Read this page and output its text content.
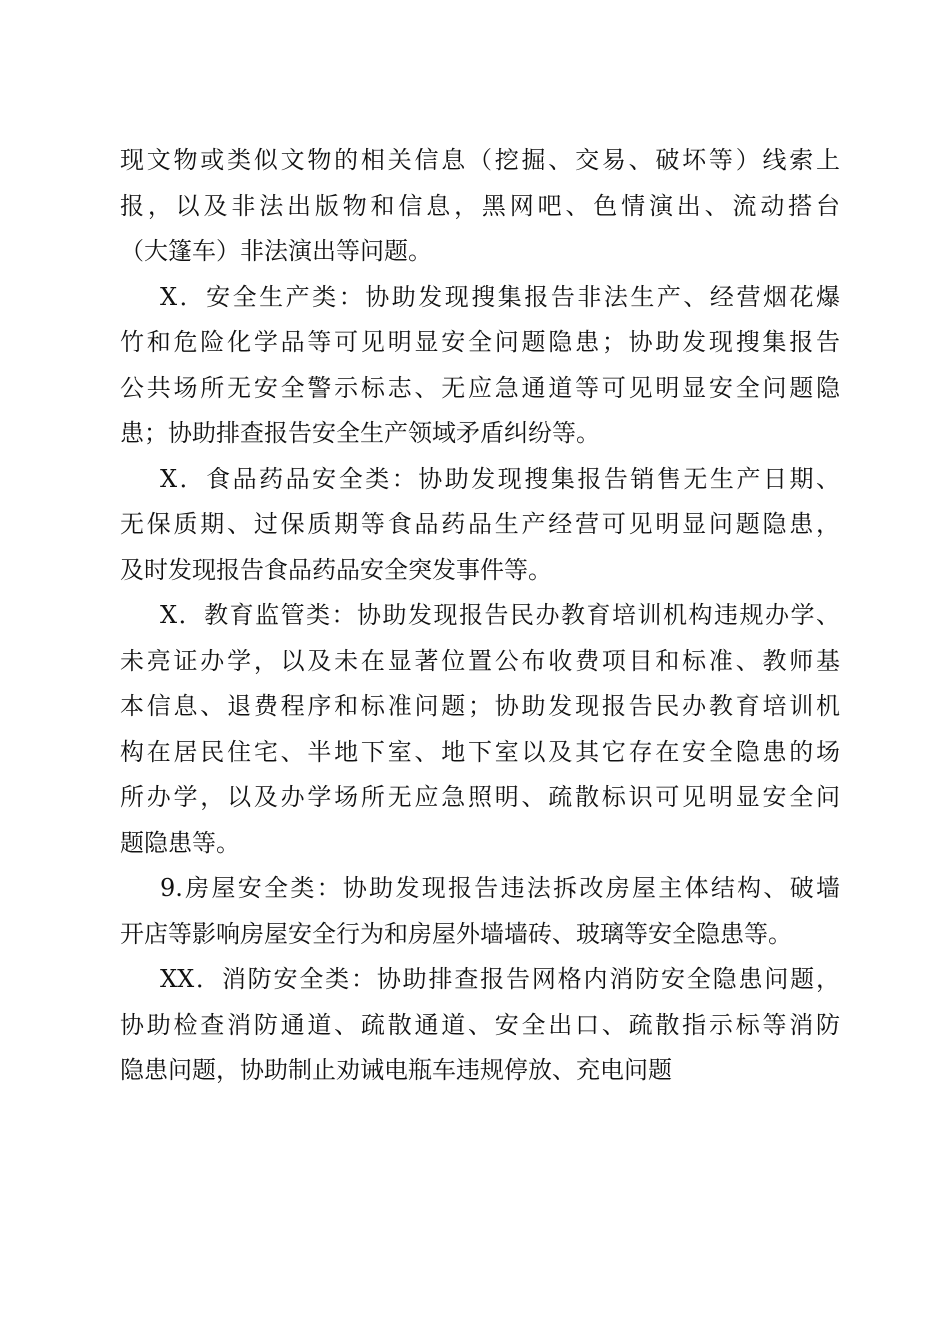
现文物或类似文物的相关信息（挖掘、交易、破坏等）线索上
报，以及非法出版物和信息，黑网吧、色情演出、流动搭台
（大篷车）非法演出等问题。
X．安全生产类：协助发现搜集报告非法生产、经营烟花爆
竹和危险化学品等可见明显安全问题隐患；协助发现搜集报告
公共场所无安全警示标志、无应急通道等可见明显安全问题隐
患；协助排查报告安全生产领域矛盾纠纷等。
X．食品药品安全类：协助发现搜集报告销售无生产日期、
无保质期、过保质期等食品药品生产经营可见明显问题隐患，
及时发现报告食品药品安全突发事件等。
X．教育监管类：协助发现报告民办教育培训机构违规办学、
未亮证办学，以及未在显著位置公布收费项目和标准、教师基
本信息、退费程序和标准问题；协助发现报告民办教育培训机
构在居民住宅、半地下室、地下室以及其它存在安全隐患的场
所办学，以及办学场所无应急照明、疏散标识可见明显安全问
题隐患等。
9.房屋安全类：协助发现报告违法拆改房屋主体结构、破墙
开店等影响房屋安全行为和房屋外墙墙砖、玻璃等安全隐患等。
XX．消防安全类：协助排查报告网格内消防安全隐患问题，
协助检查消防通道、疏散通道、安全出口、疏散指示标等消防
隐患问题，协助制止劝诫电瓶车违规停放、充电问题
